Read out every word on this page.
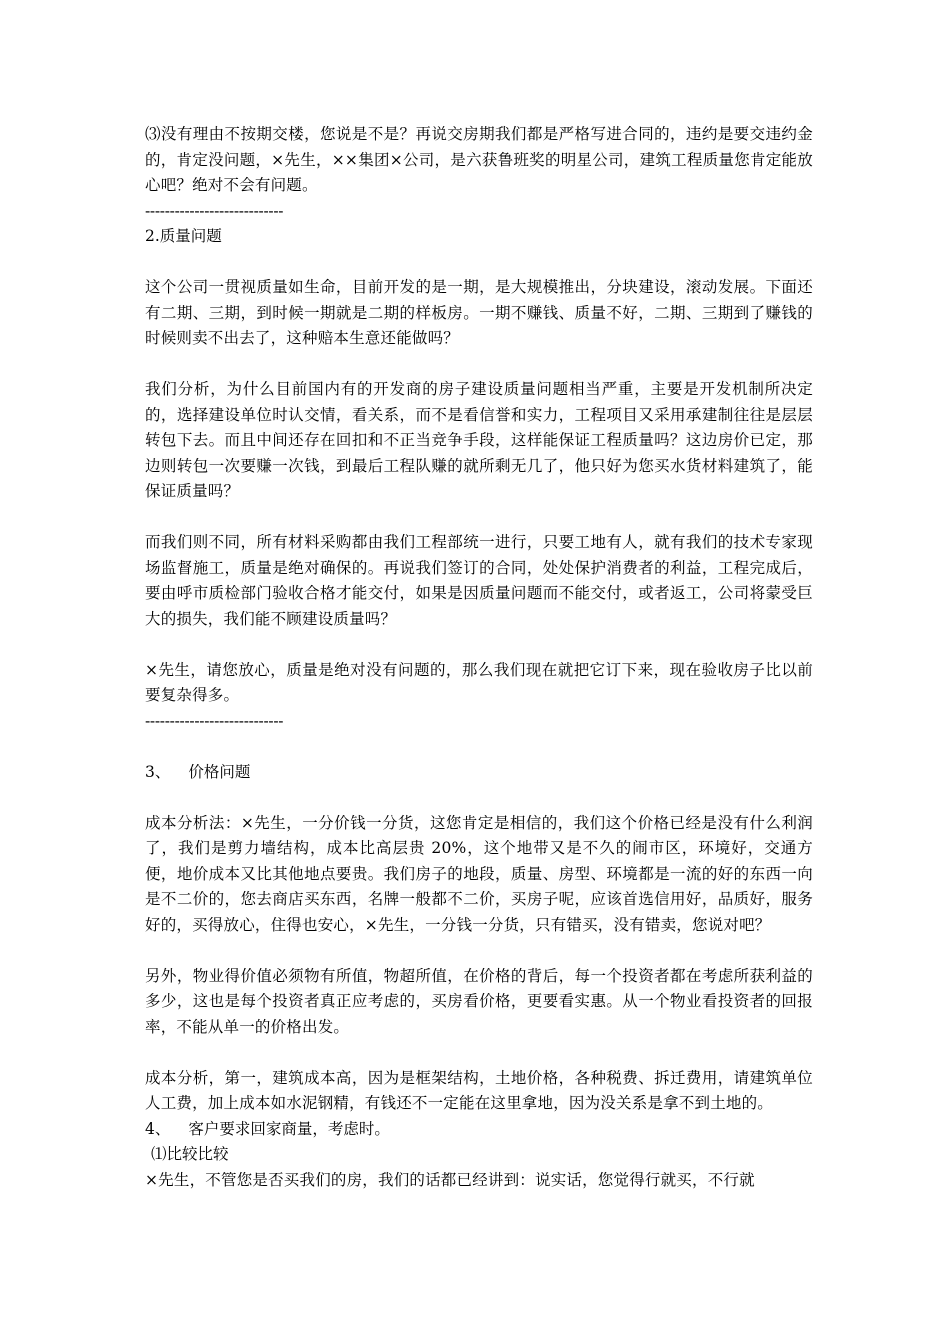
⑶没有理由不按期交楼，您说是不是？再说交房期我们都是严格写进合同的，违约是要交违约金的，肯定没问题，×先生，××集团×公司，是六获鲁班奖的明星公司，建筑工程质量您肯定能放心吧？绝对不会有问题。

----------------------------

2.质量问题

这个公司一贯视质量如生命，目前开发的是一期，是大规模推出，分块建设，滚动发展。下面还有二期、三期，到时候一期就是二期的样板房。一期不赚钱、质量不好，二期、三期到了赚钱的时候则卖不出去了，这种赔本生意还能做吗？

我们分析，为什么目前国内有的开发商的房子建设质量问题相当严重，主要是开发机制所决定的，选择建设单位时认交情，看关系，而不是看信誉和实力，工程项目又采用承建制往往是层层转包下去。而且中间还存在回扣和不正当竞争手段，这样能保证工程质量吗？这边房价已定，那边则转包一次要赚一次钱，到最后工程队赚的就所剩无几了，他只好为您买水货材料建筑了，能保证质量吗？

而我们则不同，所有材料采购都由我们工程部统一进行，只要工地有人，就有我们的技术专家现场监督施工，质量是绝对确保的。再说我们签订的合同，处处保护消费者的利益，工程完成后，要由呼市质检部门验收合格才能交付，如果是因质量问题而不能交付，或者返工，公司将蒙受巨大的损失，我们能不顾建设质量吗？

×先生，请您放心，质量是绝对没有问题的，那么我们现在就把它订下来，现在验收房子比以前要复杂得多。

----------------------------

3、 价格问题

成本分析法：×先生，一分价钱一分货，这您肯定是相信的，我们这个价格已经是没有什么利润了，我们是剪力墙结构，成本比高层贵 20%，这个地带又是不久的闹市区，环境好，交通方便，地价成本又比其他地点要贵。我们房子的地段，质量、房型、环境都是一流的好的东西一向是不二价的，您去商店买东西，名牌一般都不二价，买房子呢，应该首选信用好，品质好，服务好的，买得放心，住得也安心，×先生，一分钱一分货，只有错买，没有错卖，您说对吧？

另外，物业得价值必须物有所值，物超所值，在价格的背后，每一个投资者都在考虑所获利益的多少，这也是每个投资者真正应考虑的，买房看价格，更要看实惠。从一个物业看投资者的回报率，不能从单一的价格出发。

成本分析，第一，建筑成本高，因为是框架结构，土地价格，各种税费、拆迁费用，请建筑单位人工费，加上成本如水泥钢精，有钱还不一定能在这里拿地，因为没关系是拿不到土地的。

4、 客户要求回家商量，考虑时。

⑴比较比较

×先生，不管您是否买我们的房，我们的话都已经讲到：说实话，您觉得行就买，不行就
